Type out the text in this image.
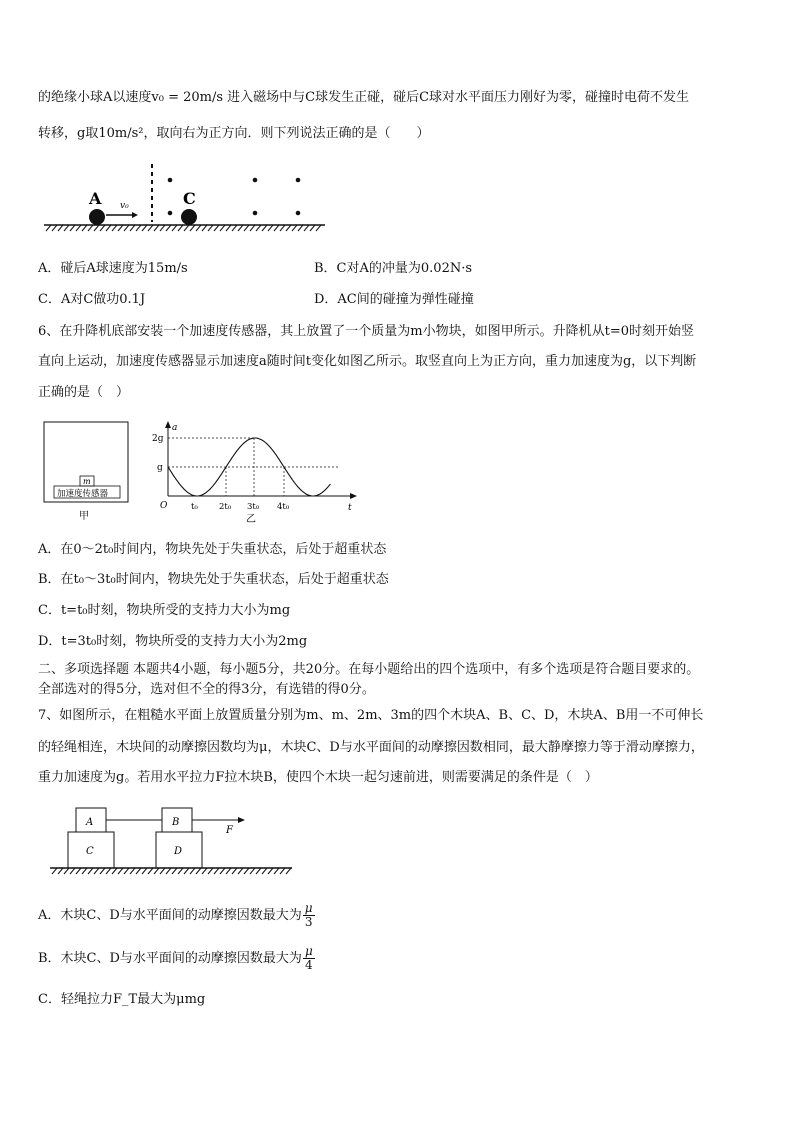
的绝缘小球A以速度v₀ = 20m/s 进入磁场中与C球发生正碰，碰后C球对水平面压力刚好为零，碰撞时电荷不发生
转移，g取10m/s²，取向右为正方向．则下列说法正确的是（　　）
A	C
v₀
A．碰后A球速度为15m/s	B．C对A的冲量为0.02N·s
C．A对C做功0.1J	D．AC间的碰撞为弹性碰撞
6、在升降机底部安装一个加速度传感器，其上放置了一个质量为m小物块，如图甲所示。升降机从t=0时刻开始竖
直向上运动，加速度传感器显示加速度a随时间t变化如图乙所示。取竖直向上为正方向，重力加速度为g，以下判断
正确的是（　）
m
加速度传感器
甲
a
t
O
2g
g
t₀ 2t₀ 3t₀ 4t₀
乙
A．在0～2t₀时间内，物块先处于失重状态，后处于超重状态
B．在t₀～3t₀时间内，物块先处于失重状态，后处于超重状态
C．t=t₀时刻，物块所受的支持力大小为mg
D．t=3t₀时刻，物块所受的支持力大小为2mg
二、多项选择题 本题共4小题，每小题5分，共20分。在每小题给出的四个选项中，有多个选项是符合题目要求的。
全部选对的得5分，选对但不全的得3分，有选错的得0分。
7、如图所示，在粗糙水平面上放置质量分别为m、m、2m、3m的四个木块A、B、C、D，木块A、B用一不可伸长
的轻绳相连，木块间的动摩擦因数均为μ，木块C、D与水平面间的动摩擦因数相同，最大静摩擦力等于滑动摩擦力，
重力加速度为g。若用水平拉力F拉木块B，使四个木块一起匀速前进，则需要满足的条件是（　）
A	B
C	D
F
A．木块C、D与水平面间的动摩擦因数最大为 $\frac{\mu}{3}$
B．木块C、D与水平面间的动摩擦因数最大为 $\frac{\mu}{4}$
C．轻绳拉力F_T最大为μmg
